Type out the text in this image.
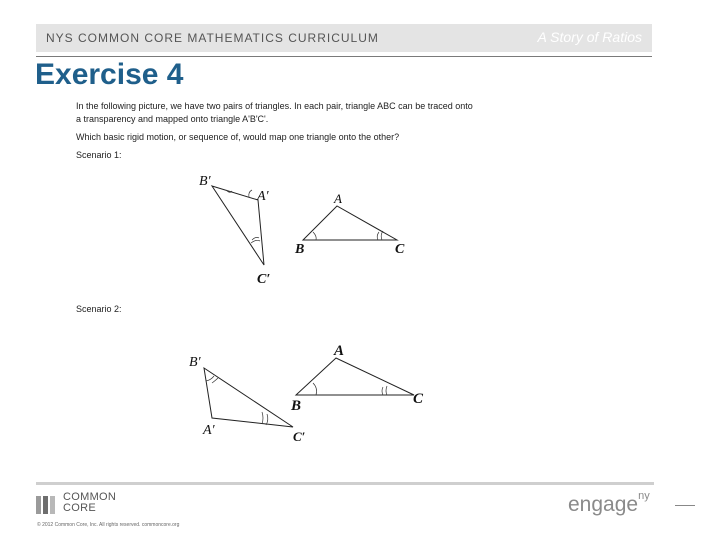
NYS COMMON CORE MATHEMATICS CURRICULUM	A Story of Ratios
Exercise 4
In the following picture, we have two pairs of triangles. In each pair, triangle ABC can be traced onto
a transparency and mapped onto triangle A'B'C'.
Which basic rigid motion, or sequence of, would map one triangle onto the other?
Scenario 1:
Scenario 2:
B′
A′
C′
A
B	C
B′
A′	C′
A
B	C
COMMON
CORE
© 2012 Common Core, Inc. All rights reserved. commoncore.org
engage$^{ny}$
